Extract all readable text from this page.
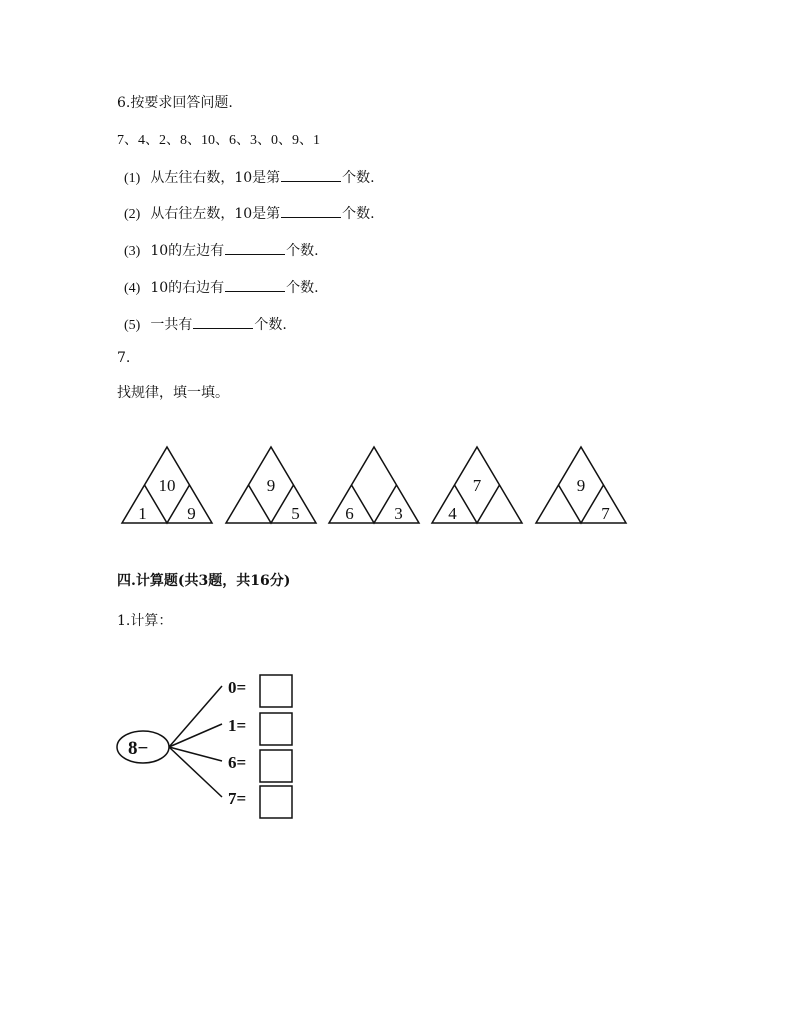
6.按要求回答问题.
7、4、2、8、10、6、3、0、9、1
(1) 从左往右数，10是第	个数.
(2) 从右往左数，10是第	个数.
(3) 10的左边有	个数.
(4) 10的右边有	个数.
(5) 一共有	个数.
7.
找规律，填一填。
10
1 9
9
5	6 3
7
4
9
7
四.计算题(共3题，共16分)
1.计算：
8−
0=
1=
6=
7=
